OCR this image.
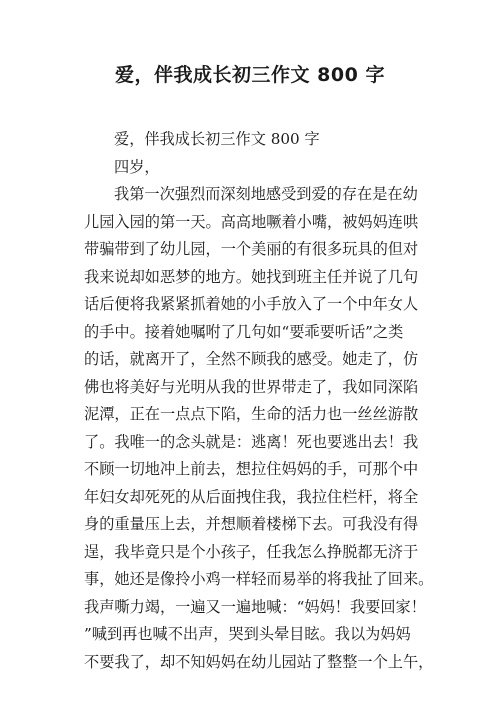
爱，伴我成长初三作文 800 字
爱，伴我成长初三作文 800 字
四岁，
我第一次强烈而深刻地感受到爱的存在是在幼
儿园入园的第一天。高高地噘着小嘴，被妈妈连哄
带骗带到了幼儿园，一个美丽的有很多玩具的但对
我来说却如恶梦的地方。她找到班主任并说了几句
话后便将我紧紧抓着她的小手放入了一个中年女人
的手中。接着她嘱咐了几句如“要乖要听话”之类
的话，就离开了，全然不顾我的感受。她走了，仿
佛也将美好与光明从我的世界带走了，我如同深陷
泥潭，正在一点点下陷，生命的活力也一丝丝游散
了。我唯一的念头就是：逃离！死也要逃出去！我
不顾一切地冲上前去，想拉住妈妈的手，可那个中
年妇女却死死的从后面拽住我，我拉住栏杆，将全
身的重量压上去，并想顺着楼梯下去。可我没有得
逞，我毕竟只是个小孩子，任我怎么挣脱都无济于
事，她还是像拎小鸡一样轻而易举的将我扯了回来。
我声嘶力竭，一遍又一遍地喊：“妈妈！我要回家！
”喊到再也喊不出声，哭到头晕目眩。我以为妈妈
不要我了，却不知妈妈在幼儿园站了整整一个上午，
